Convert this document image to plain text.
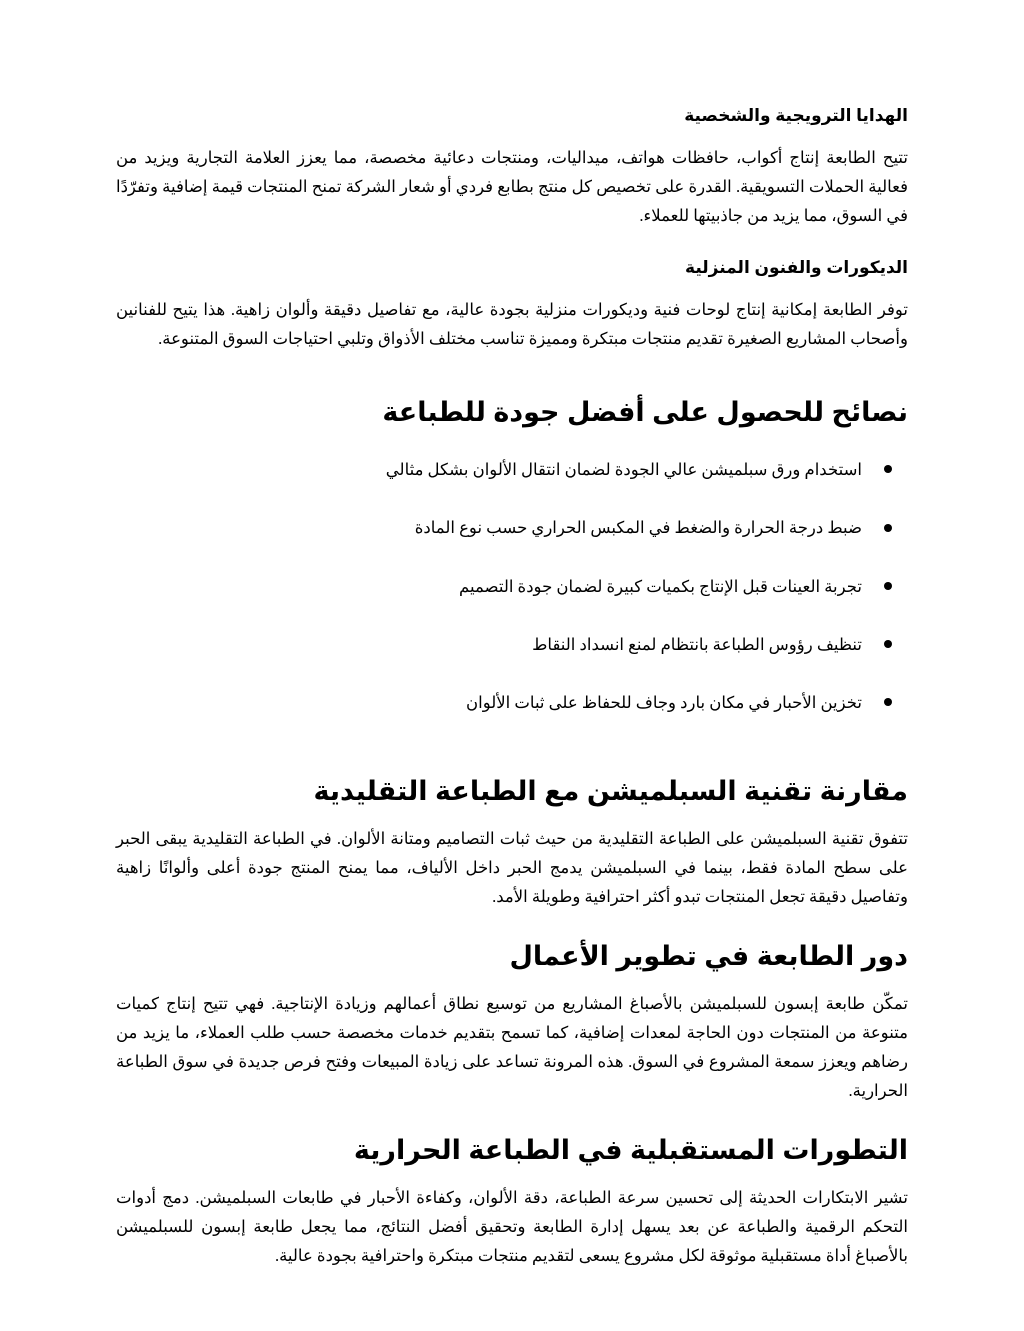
الهدايا الترويجية والشخصية

تتيح الطابعة إنتاج أكواب، حافظات هواتف، ميداليات، ومنتجات دعائية مخصصة، مما يعزز العلامة التجارية ويزيد من فعالية الحملات التسويقية. القدرة على تخصيص كل منتج بطابع فردي أو شعار الشركة تمنح المنتجات قيمة إضافية وتفرّدًا في السوق، مما يزيد من جاذبيتها للعملاء.

الديكورات والفنون المنزلية

توفر الطابعة إمكانية إنتاج لوحات فنية وديكورات منزلية بجودة عالية، مع تفاصيل دقيقة وألوان زاهية. هذا يتيح للفنانين وأصحاب المشاريع الصغيرة تقديم منتجات مبتكرة ومميزة تناسب مختلف الأذواق وتلبي احتياجات السوق المتنوعة.

نصائح للحصول على أفضل جودة للطباعة
استخدام ورق سبلميشن عالي الجودة لضمان انتقال الألوان بشكل مثالي
ضبط درجة الحرارة والضغط في المكبس الحراري حسب نوع المادة
تجربة العينات قبل الإنتاج بكميات كبيرة لضمان جودة التصميم
تنظيف رؤوس الطباعة بانتظام لمنع انسداد النقاط
تخزين الأحبار في مكان بارد وجاف للحفاظ على ثبات الألوان
مقارنة تقنية السبلميشن مع الطباعة التقليدية

تتفوق تقنية السبلميشن على الطباعة التقليدية من حيث ثبات التصاميم ومتانة الألوان. في الطباعة التقليدية يبقى الحبر على سطح المادة فقط، بينما في السبلميشن يدمج الحبر داخل الألياف، مما يمنح المنتج جودة أعلى وألوانًا زاهية وتفاصيل دقيقة تجعل المنتجات تبدو أكثر احترافية وطويلة الأمد.

دور الطابعة في تطوير الأعمال

تمكّن طابعة إبسون للسبلميشن بالأصباغ المشاريع من توسيع نطاق أعمالهم وزيادة الإنتاجية. فهي تتيح إنتاج كميات متنوعة من المنتجات دون الحاجة لمعدات إضافية، كما تسمح بتقديم خدمات مخصصة حسب طلب العملاء، ما يزيد من رضاهم ويعزز سمعة المشروع في السوق. هذه المرونة تساعد على زيادة المبيعات وفتح فرص جديدة في سوق الطباعة الحرارية.

التطورات المستقبلية في الطباعة الحرارية

تشير الابتكارات الحديثة إلى تحسين سرعة الطباعة، دقة الألوان، وكفاءة الأحبار في طابعات السبلميشن. دمج أدوات التحكم الرقمية والطباعة عن بعد يسهل إدارة الطابعة وتحقيق أفضل النتائج، مما يجعل طابعة إبسون للسبلميشن بالأصباغ أداة مستقبلية موثوقة لكل مشروع يسعى لتقديم منتجات مبتكرة واحترافية بجودة عالية.
